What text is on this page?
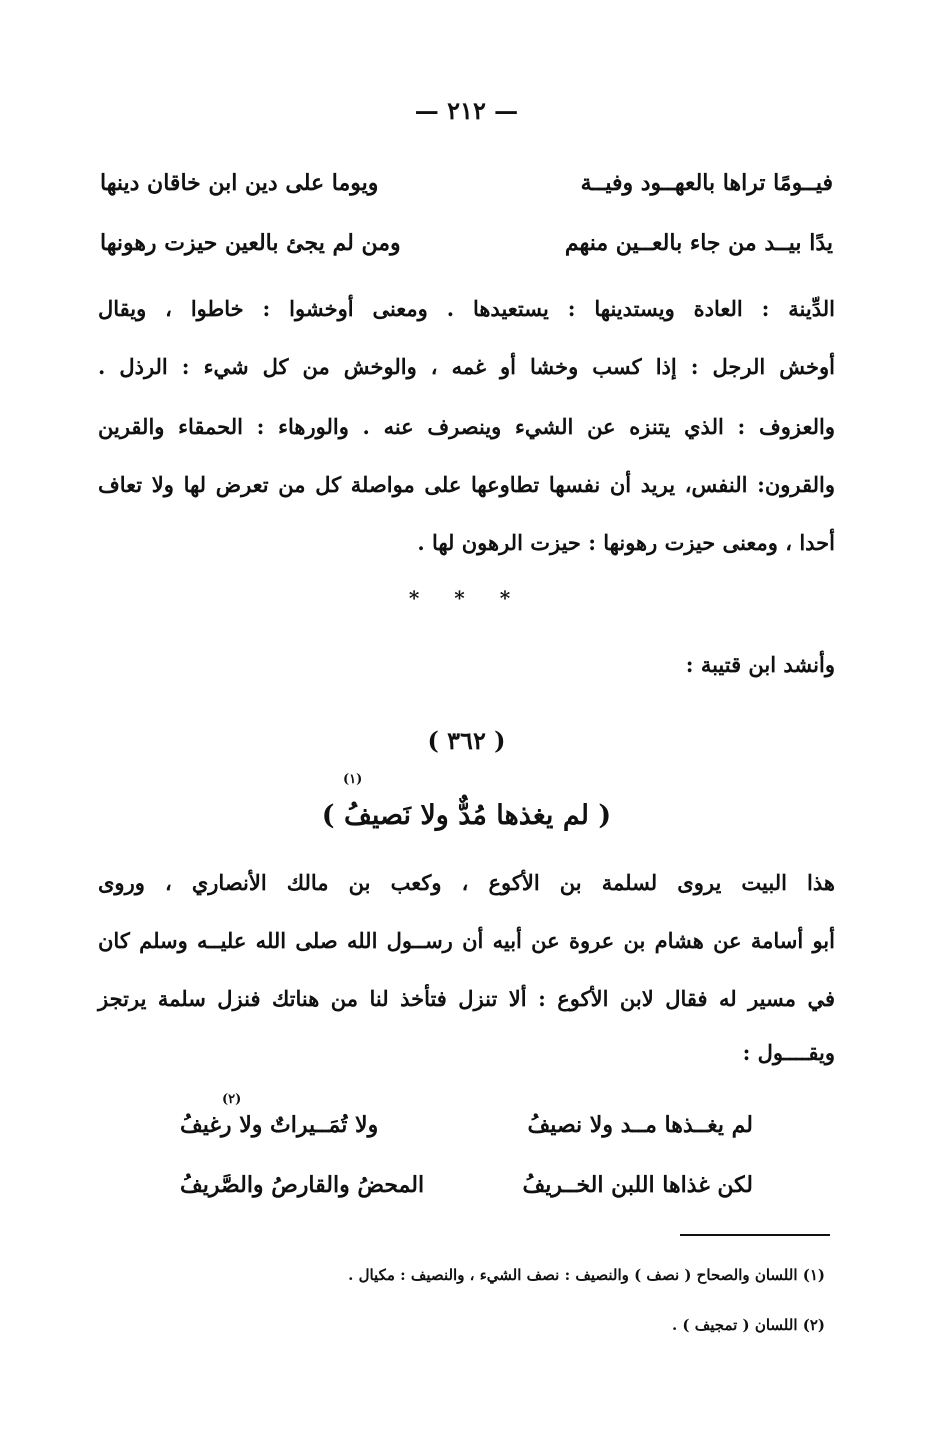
— ٢١٢ —
فيــومًا تراها بالعهــود وفيــة
ويوما على دين ابن خاقان دينها
يدًا بيــد من جاء بالعــين منهم
ومن لم يجئ بالعين حيزت رهونها
الدِّينة : العادة ويستدينها : يستعيدها . ومعنى أوخشوا : خاطوا ، ويقال
أوخش الرجل : إذا كسب وخشا أو غمه ، والوخش من كل شيء : الرذل .
والعزوف : الذي يتنزه عن الشيء وينصرف عنه . والورهاء : الحمقاء والقرين
والقرون: النفس، يريد أن نفسها تطاوعها على مواصلة كل من تعرض لها ولا تعاف
أحدا ، ومعنى حيزت رهونها : حيزت الرهون لها .
* * *
وأنشد ابن قتيبة :
( ٣٦٢ )
(١)
( لم يغذها مُدٌّ ولا نَصيفُ )
هذا البيت يروى لسلمة بن الأكوع ، وكعب بن مالك الأنصاري ، وروى
أبو أسامة عن هشام بن عروة عن أبيه أن رســول الله صلى الله عليــه وسلم كان
في مسير له فقال لابن الأكوع : ألا تنزل فتأخذ لنا من هناتك فنزل سلمة يرتجز
ويقــــول :
(٢)
لم يغــذها مــد ولا نصيفُ
ولا تُمَــيراتٌ ولا رغيفُ
لكن غذاها اللبن الخــريفُ
المحضُ والقارصُ والصَّريفُ
(١) اللسان والصحاح ( نصف ) والنصيف : نصف الشيء ، والنصيف : مكيال .
(٢) اللسان ( تمجيف ) .
